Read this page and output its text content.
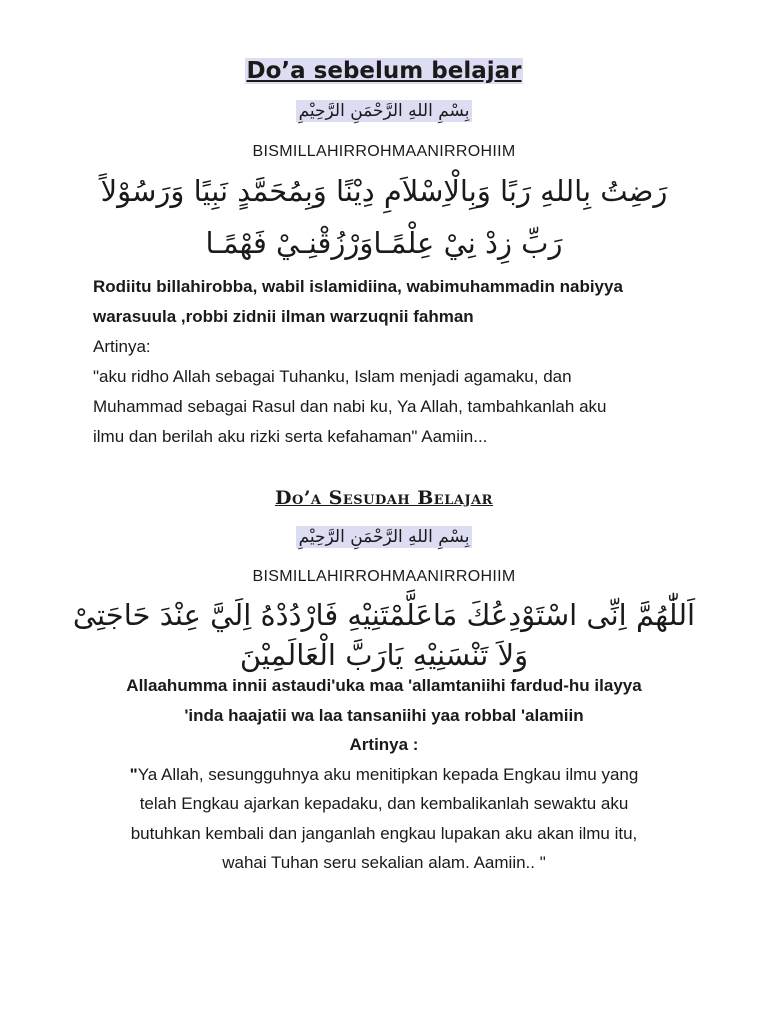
Do’a sebelum belajar
بِسْمِ اللهِ الرَّحْمَنِ الرَّحِيْمِ
BISMILLAHIRROHMAANIRROHIIM
رَضِتُ بِاللهِ رَبًا وَبِالْاِسْلاَمِ دِيْنًا وَبِمُحَمَّدٍ نَبِيًا وَرَسُوْلاً
رَبِّ زِدْ نِيْ عِلْمًـاوَرْزُقْنِـيْ فَهْمًـا

Rodiitu billahirobba, wabil islamidiina, wabimuhammadin nabiyya

warasuula ,robbi zidnii ilman warzuqnii fahman

Artinya:

"aku ridho Allah sebagai Tuhanku, Islam menjadi agamaku, dan

Muhammad sebagai Rasul dan nabi ku, Ya Allah, tambahkanlah aku

ilmu dan berilah aku rizki serta kefahaman" Aamiin...

Do’a Sesudah Belajar
بِسْمِ اللهِ الرَّحْمَنِ الرَّحِيْمِ
BISMILLAHIRROHMAANIRROHIIM
اَللّٰهُمَّ اِنِّى اسْتَوْدِعُكَ مَاعَلَّمْتَنِيْهِ فَارْدُدْهُ اِلَيَّ عِنْدَ حَاجَتِىْ
وَلاَ تَنْسَنِيْهِ يَارَبَّ الْعَالَمِيْنَ

Allaahumma innii astaudi'uka maa 'allamtaniihi fardud-hu ilayya

'inda haajatii wa laa tansaniihi yaa robbal 'alamiin

Artinya :

"Ya Allah, sesungguhnya aku menitipkan kepada Engkau ilmu yang

telah Engkau ajarkan kepadaku, dan kembalikanlah sewaktu aku

butuhkan kembali dan janganlah engkau lupakan aku akan ilmu itu,

wahai Tuhan seru sekalian alam. Aamiin.. "
